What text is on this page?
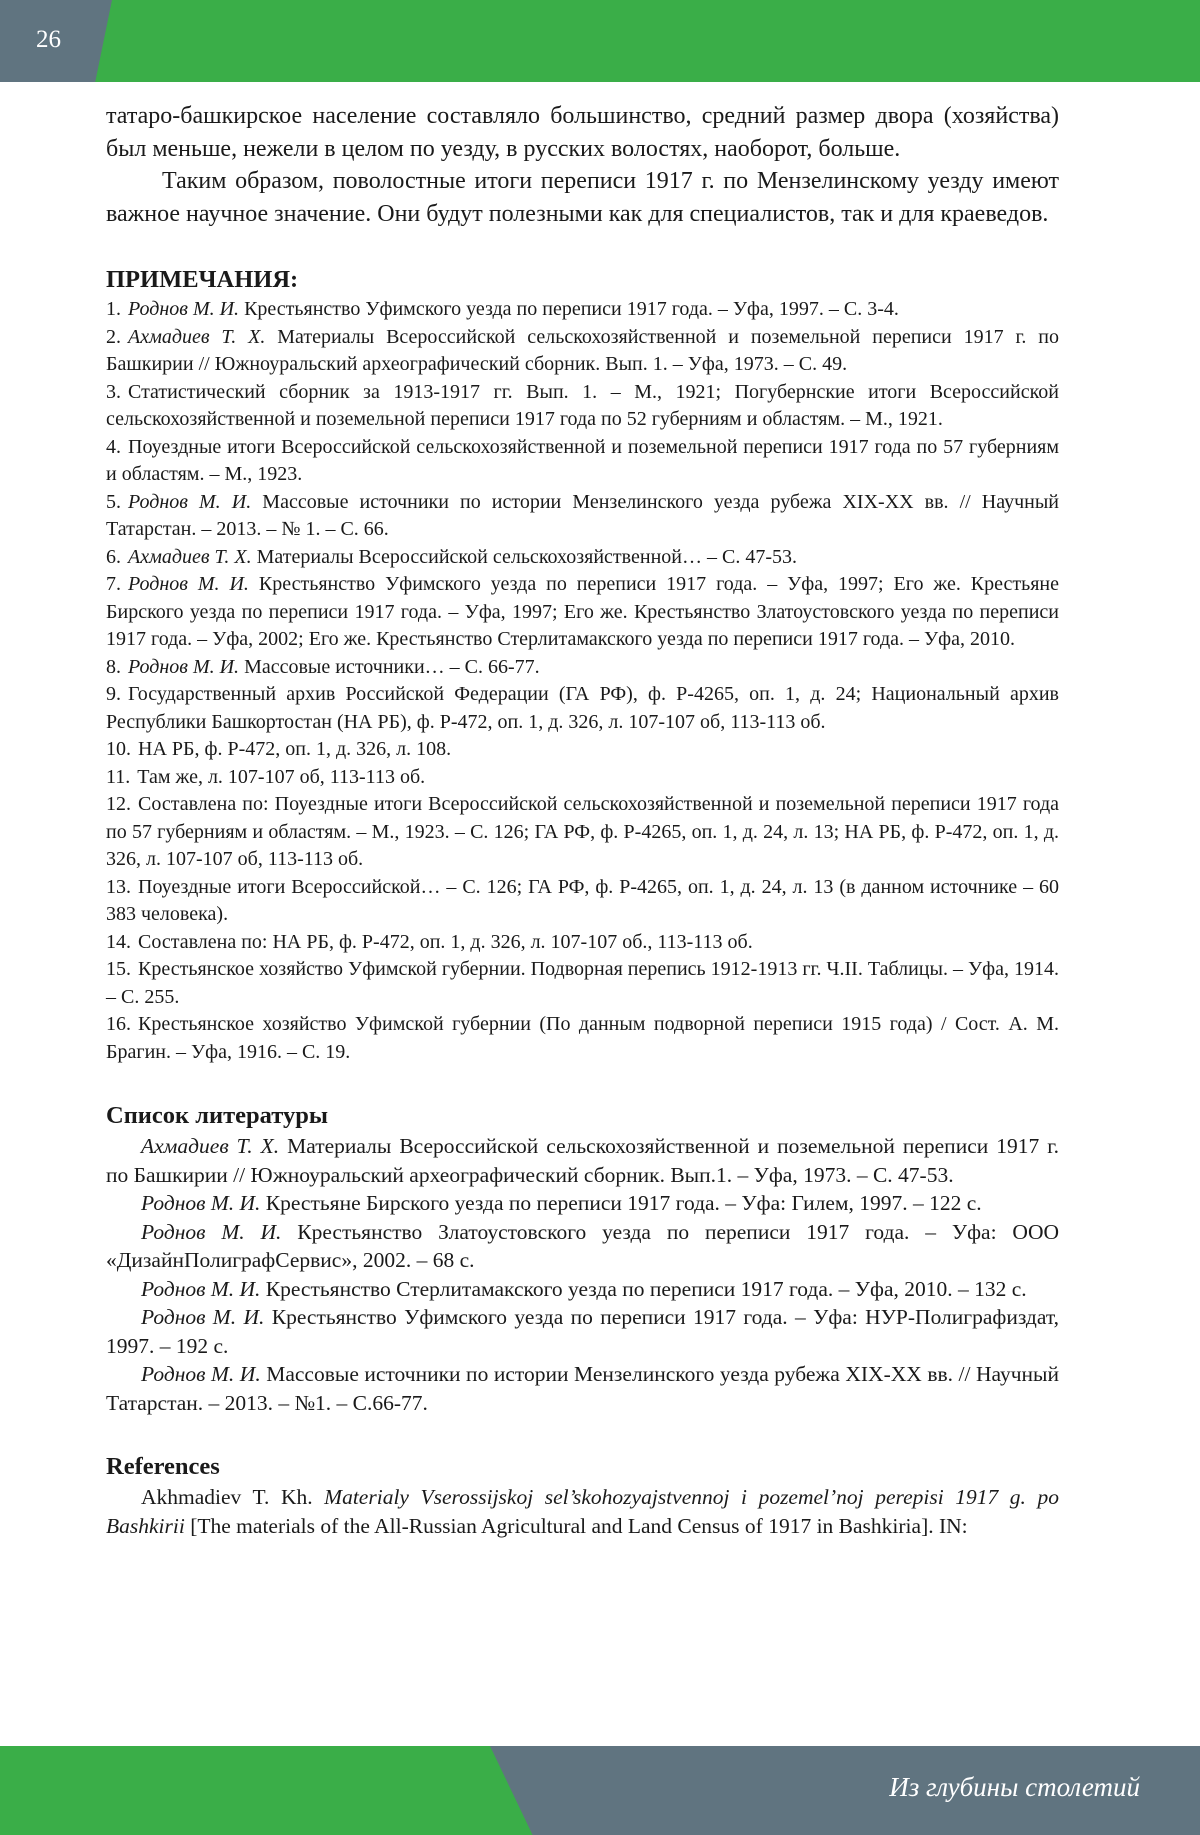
26

татаро-башкирское население составляло большинство, средний размер двора (хозяйства) был меньше, нежели в целом по уезду, в русских волостях, наоборот, больше.

Таким образом, поволостные итоги переписи 1917 г. по Мензелинскому уезду имеют важное научное значение. Они будут полезными как для специалистов, так и для краеведов.

ПРИМЕЧАНИЯ:

1. Роднов М. И. Крестьянство Уфимского уезда по переписи 1917 года. – Уфа, 1997. – С. 3-4.

2. Ахмадиев Т. Х. Материалы Всероссийской сельскохозяйственной и поземельной переписи 1917 г. по Башкирии // Южноуральский археографический сборник. Вып. 1. – Уфа, 1973. – С. 49.

3. Статистический сборник за 1913-1917 гг. Вып. 1. – М., 1921; Погубернские итоги Всероссийской сельскохозяйственной и поземельной переписи 1917 года по 52 губерниям и областям. – М., 1921.

4. Поуездные итоги Всероссийской сельскохозяйственной и поземельной переписи 1917 года по 57 губерниям и областям. – М., 1923.

5. Роднов М. И. Массовые источники по истории Мензелинского уезда рубежа XIX-XX вв. // Научный Татарстан. – 2013. – № 1. – С. 66.

6. Ахмадиев Т. Х. Материалы Всероссийской сельскохозяйственной… – С. 47-53.

7. Роднов М. И. Крестьянство Уфимского уезда по переписи 1917 года. – Уфа, 1997; Его же. Крестьяне Бирского уезда по переписи 1917 года. – Уфа, 1997; Его же. Крестьянство Златоустовского уезда по переписи 1917 года. – Уфа, 2002; Его же. Крестьянство Стерлитамакского уезда по переписи 1917 года. – Уфа, 2010.

8. Роднов М. И. Массовые источники… – С. 66-77.

9. Государственный архив Российской Федерации (ГА РФ), ф. Р-4265, оп. 1, д. 24; Национальный архив Республики Башкортостан (НА РБ), ф. Р-472, оп. 1, д. 326, л. 107-107 об, 113-113 об.

10. НА РБ, ф. Р-472, оп. 1, д. 326, л. 108.

11. Там же, л. 107-107 об, 113-113 об.

12. Составлена по: Поуездные итоги Всероссийской сельскохозяйственной и поземельной переписи 1917 года по 57 губерниям и областям. – М., 1923. – С. 126; ГА РФ, ф. Р-4265, оп. 1, д. 24, л. 13; НА РБ, ф. Р-472, оп. 1, д. 326, л. 107-107 об, 113-113 об.

13. Поуездные итоги Всероссийской… – С. 126; ГА РФ, ф. Р-4265, оп. 1, д. 24, л. 13 (в данном источнике – 60 383 человека).

14. Составлена по: НА РБ, ф. Р-472, оп. 1, д. 326, л. 107-107 об., 113-113 об.

15. Крестьянское хозяйство Уфимской губернии. Подворная перепись 1912-1913 гг. Ч.II. Таблицы. – Уфа, 1914. – С. 255.

16. Крестьянское хозяйство Уфимской губернии (По данным подворной переписи 1915 года) / Сост. А. М. Брагин. – Уфа, 1916. – С. 19.

Список литературы

Ахмадиев Т. Х. Материалы Всероссийской сельскохозяйственной и поземельной переписи 1917 г. по Башкирии // Южноуральский археографический сборник. Вып.1. – Уфа, 1973. – С. 47-53.

Роднов М. И. Крестьяне Бирского уезда по переписи 1917 года. – Уфа: Гилем, 1997. – 122 с.

Роднов М. И. Крестьянство Златоустовского уезда по переписи 1917 года. – Уфа: ООО «ДизайнПолиграфСервис», 2002. – 68 с.

Роднов М. И. Крестьянство Стерлитамакского уезда по переписи 1917 года. – Уфа, 2010. – 132 с.

Роднов М. И. Крестьянство Уфимского уезда по переписи 1917 года. – Уфа: НУР-Полиграфиздат, 1997. – 192 с.

Роднов М. И. Массовые источники по истории Мензелинского уезда рубежа XIX-XX вв. // Научный Татарстан. – 2013. – №1. – С.66-77.

References

Akhmadiev T. Kh. Materialy Vserossijskoj sel’skohozyajstvennoj i pozemel’noj perepisi 1917 g. po Bashkirii [The materials of the All-Russian Agricultural and Land Census of 1917 in Bashkiria]. IN:

Из глубины столетий
